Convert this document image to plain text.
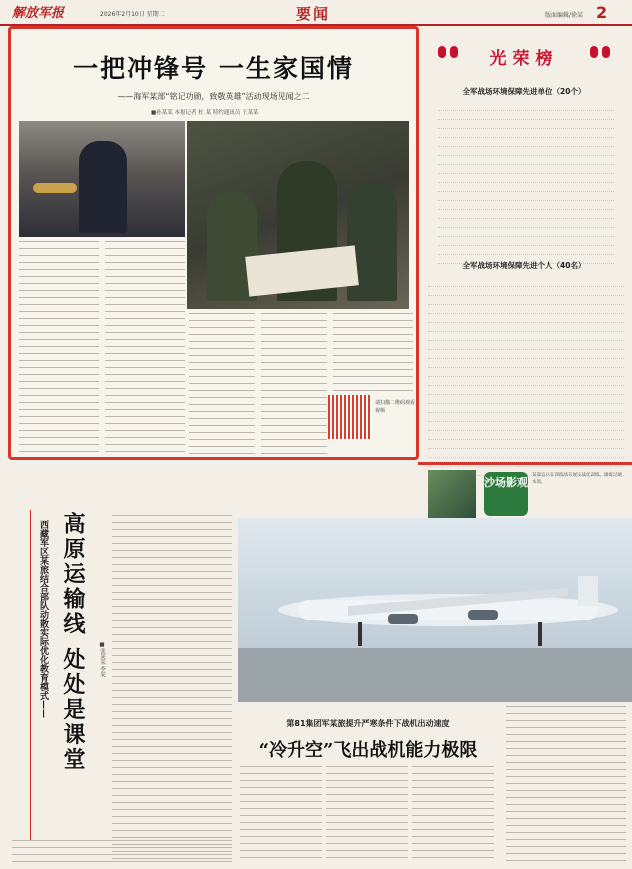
解放军报	2026年2月10日 星期二	要闻	版面编辑/徐某 2
一把冲锋号 一生家国情
——海军某部“铭记功勋，致敬英雄”活动现场见闻之二
■孙某某 本报记者 杜 某 特约通讯员 王某某
请扫描二维码观看视频
光荣榜
全军战场环境保障先进单位（20个）
全军战场环境保障先进个人（40名）
沙场影观
某部官兵在训练场开展实战化训练，锤炼过硬本领。
西藏军区某旅结合部队动散实际优化教育模式—— 高原运输线 处处是课堂	■张某某 李某
第81集团军某旅提升严寒条件下战机出动速度
“冷升空”飞出战机能力极限
